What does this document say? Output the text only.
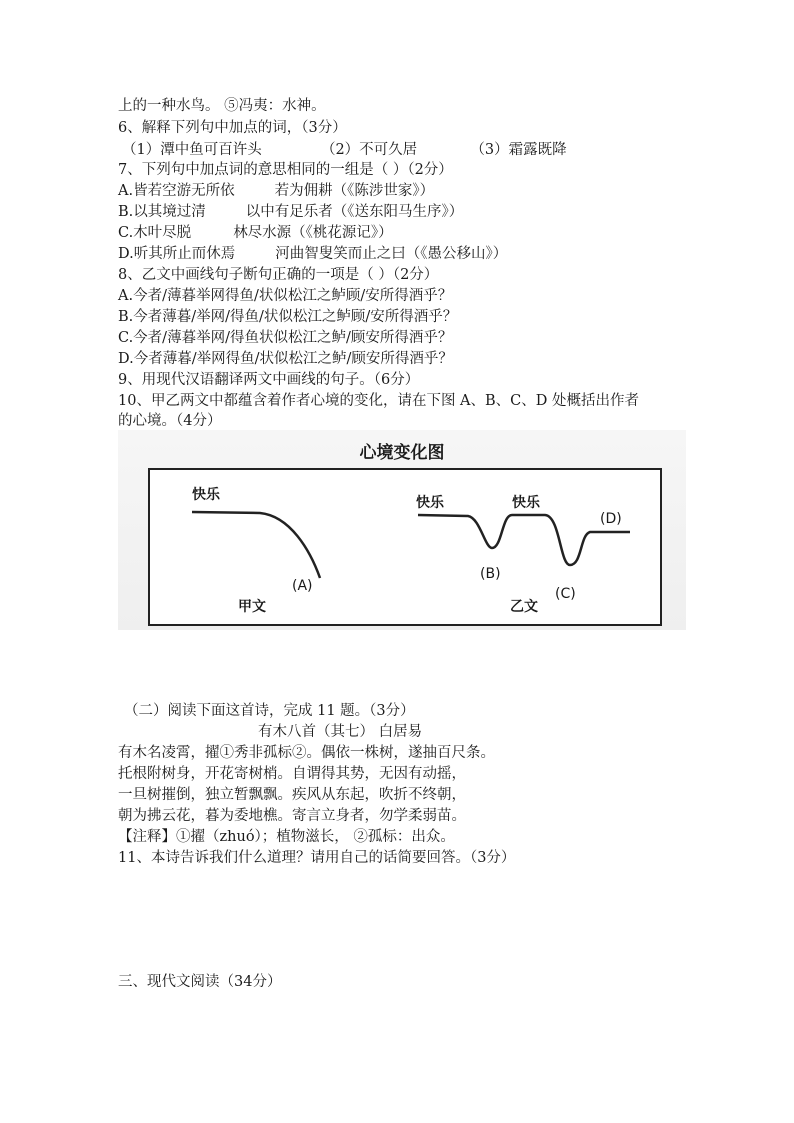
上的一种水鸟。 ⑤冯夷：水神。
6、解释下列句中加点的词，（3分）
（1）潭中鱼可百许头	（2）不可久居	（3）霜露既降
7、下列句中加点词的意思相同的一组是（ ）（2分）
A.皆若空游无所依	若为佣耕（《陈涉世家》）
B.以其境过清	以中有足乐者（《送东阳马生序》）
C.木叶尽脱	林尽水源（《桃花源记》）
D.听其所止而休焉	河曲智叟笑而止之曰（《愚公移山》）
8、乙文中画线句子断句正确的一项是（ ）（2分）
A.今者/薄暮举网得鱼/状似松江之鲈顾/安所得酒乎？
B.今者薄暮/举网/得鱼/状似松江之鲈顾/安所得酒乎？
C.今者/薄暮举网/得鱼状似松江之鲈/顾安所得酒乎？
D.今者薄暮/举网得鱼/状似松江之鲈/顾安所得酒乎？
9、用现代汉语翻译两文中画线的句子。（6分）
10、甲乙两文中都蕴含着作者心境的变化，请在下图 A、B、C、D 处概括出作者
的心境。（4分）
心境变化图
快乐	快乐	快乐
(A)
(B)
(C)
(D)
甲文	乙文
（二）阅读下面这首诗，完成 11 题。（3分）
有木八首（其七） 白居易
有木名凌霄，擢①秀非孤标②。偶依一株树，遂抽百尺条。
托根附树身，开花寄树梢。自谓得其势，无因有动摇，
一旦树摧倒，独立暂飘飘。疾风从东起，吹折不终朝，
朝为拂云花，暮为委地樵。寄言立身者，勿学柔弱苗。
【注释】①擢（zhuó）；植物滋长， ②孤标：出众。
11、本诗告诉我们什么道理？请用自己的话简要回答。（3分）
三、现代文阅读（34分）
